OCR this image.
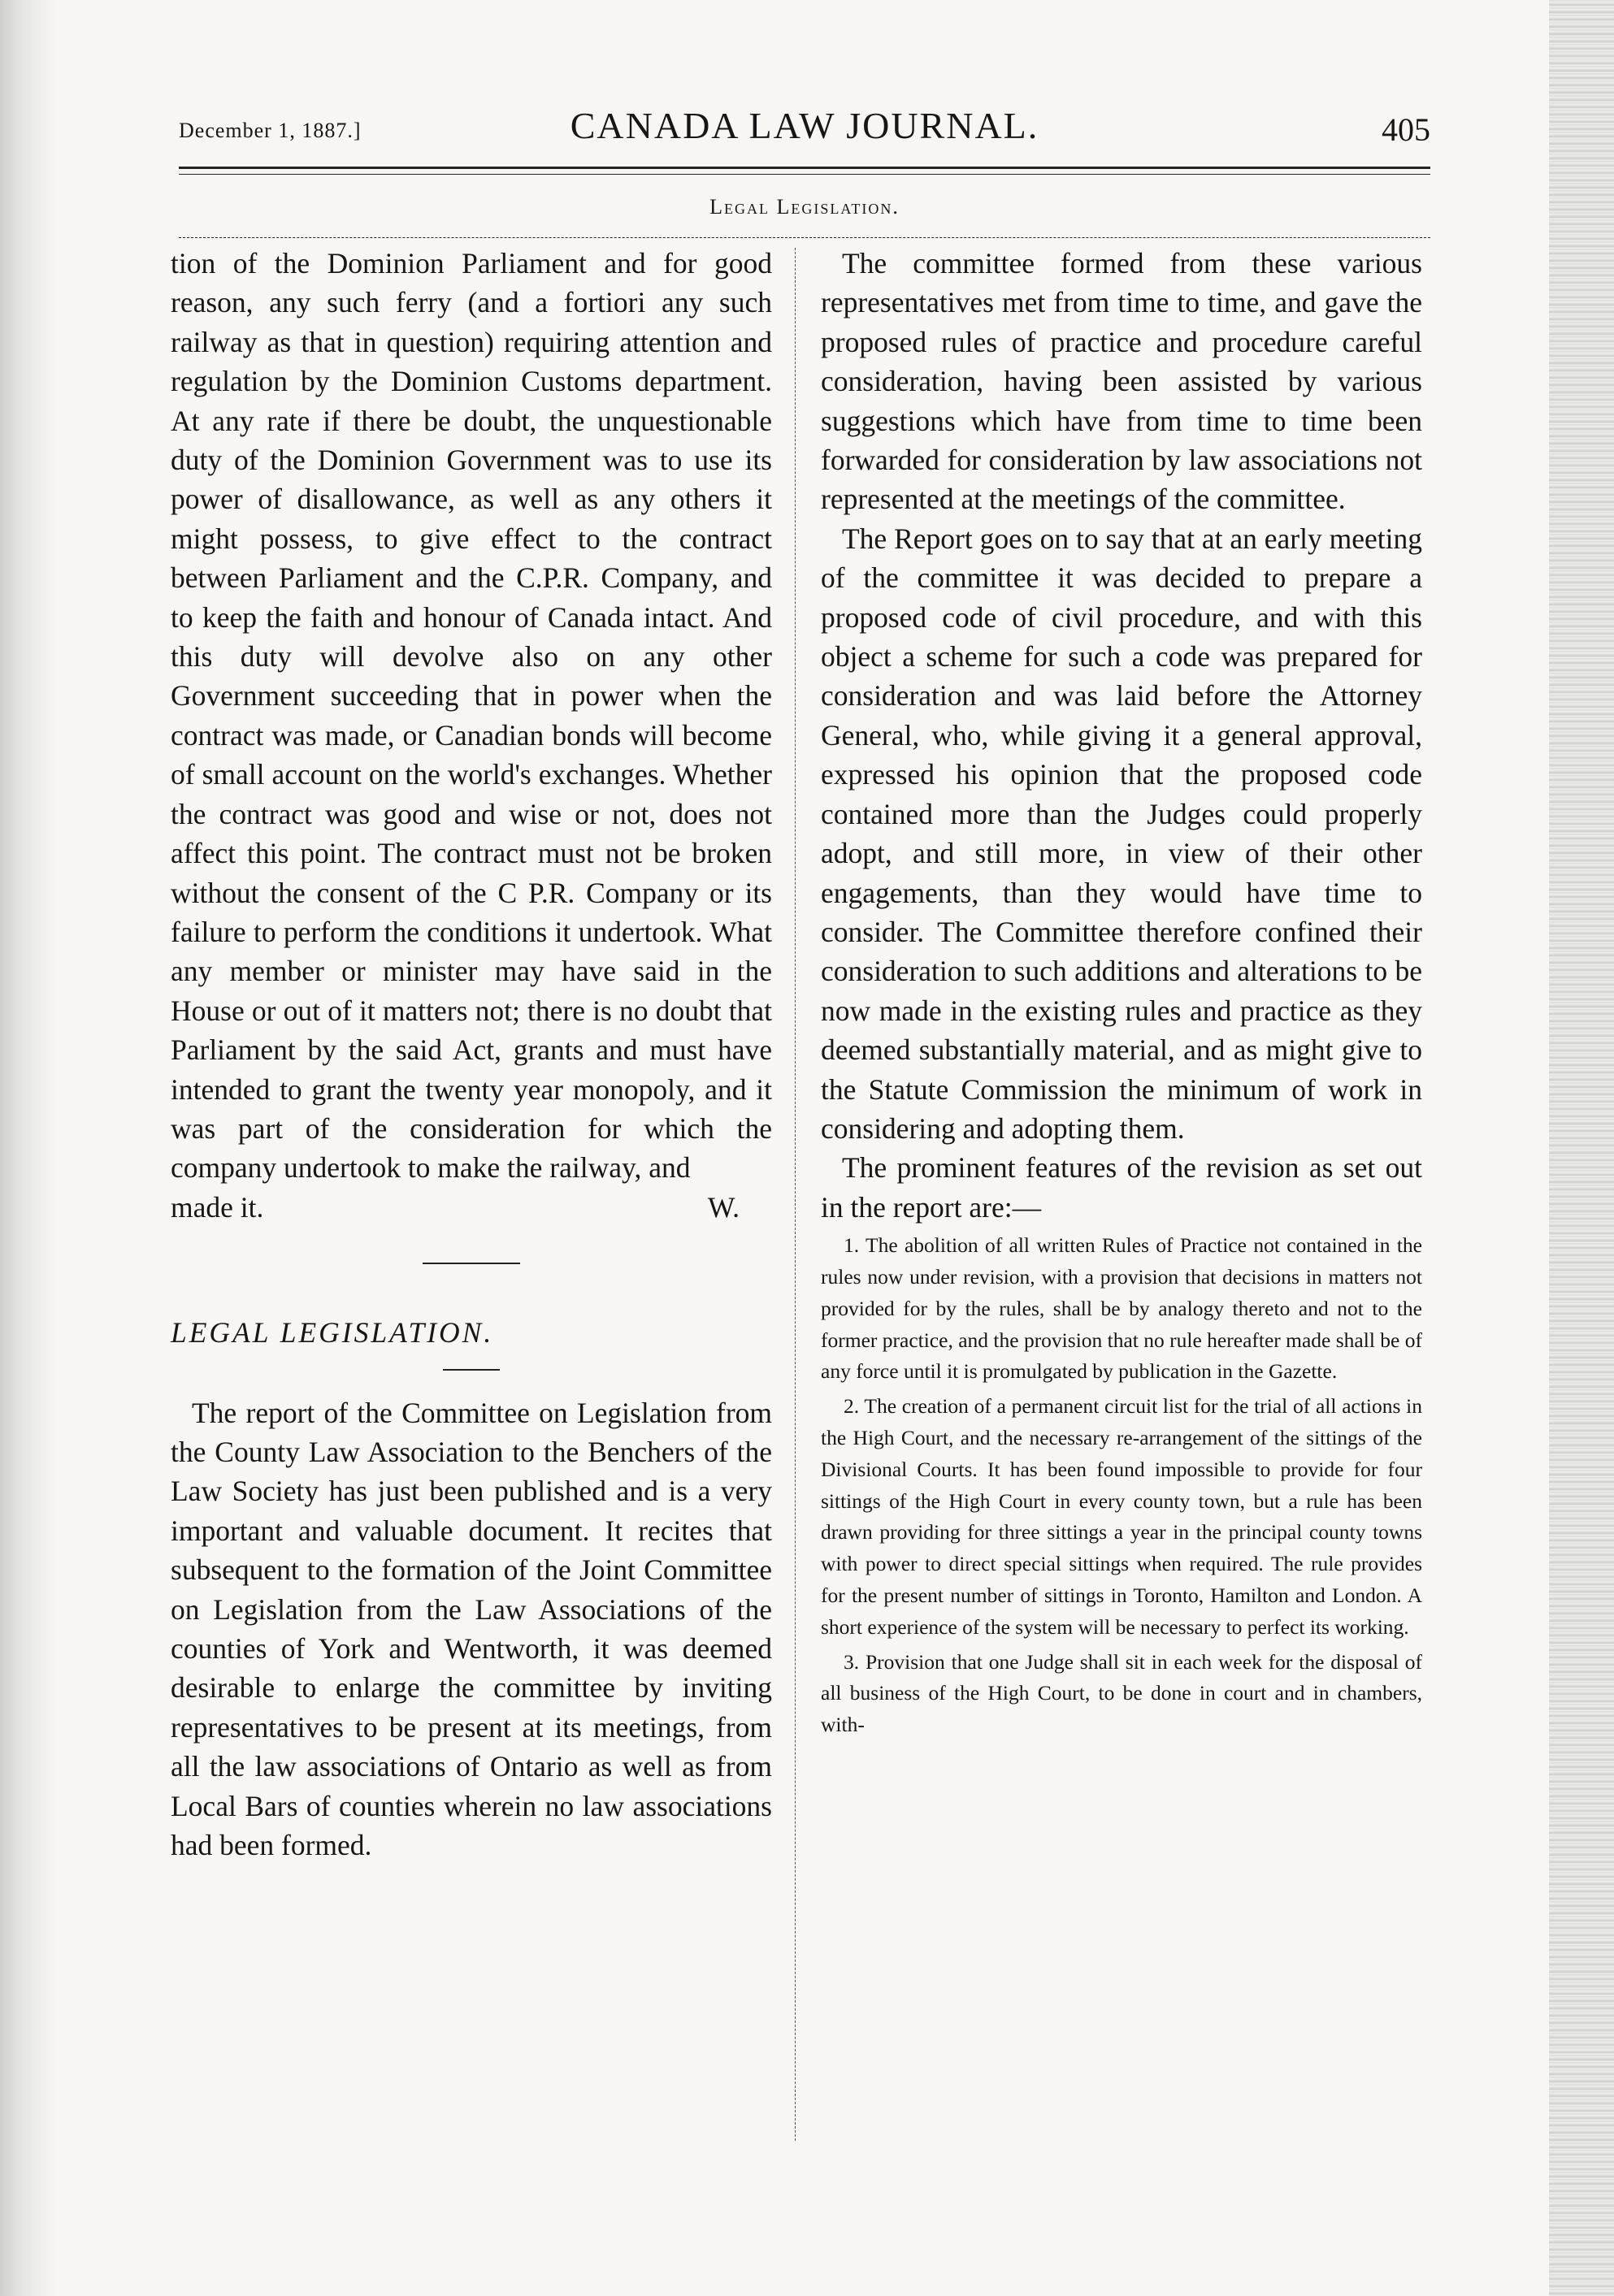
December 1, 1887.]	CANADA LAW JOURNAL.	405
Legal Legislation.

tion of the Dominion Parliament and for good reason, any such ferry (and a fortiori any such railway as that in question) requiring attention and regulation by the Dominion Customs department. At any rate if there be doubt, the unquestionable duty of the Dominion Government was to use its power of disallowance, as well as any others it might possess, to give effect to the contract between Parliament and the C.P.R. Company, and to keep the faith and honour of Canada intact. And this duty will devolve also on any other Government succeeding that in power when the contract was made, or Canadian bonds will become of small account on the world's exchanges. Whether the contract was good and wise or not, does not affect this point. The contract must not be broken without the consent of the C P.R. Company or its failure to perform the conditions it undertook. What any member or minister may have said in the House or out of it matters not; there is no doubt that Parliament by the said Act, grants and must have intended to grant the twenty year monopoly, and it was part of the consideration for which the company undertook to make the railway, and

made it.	W.

LEGAL LEGISLATION.

The report of the Committee on Legislation from the County Law Association to the Benchers of the Law Society has just been published and is a very important and valuable document. It recites that subsequent to the formation of the Joint Committee on Legislation from the Law Associations of the counties of York and Wentworth, it was deemed desirable to enlarge the committee by inviting representatives to be present at its meetings, from all the law associations of Ontario as well as from Local Bars of counties wherein no law associations had been formed.

The committee formed from these various representatives met from time to time, and gave the proposed rules of practice and procedure careful consideration, having been assisted by various suggestions which have from time to time been forwarded for consideration by law associations not represented at the meetings of the committee.

The Report goes on to say that at an early meeting of the committee it was decided to prepare a proposed code of civil procedure, and with this object a scheme for such a code was prepared for consideration and was laid before the Attorney General, who, while giving it a general approval, expressed his opinion that the proposed code contained more than the Judges could properly adopt, and still more, in view of their other engagements, than they would have time to consider. The Committee therefore confined their consideration to such additions and alterations to be now made in the existing rules and practice as they deemed substantially material, and as might give to the Statute Commission the minimum of work in considering and adopting them.

The prominent features of the revision as set out in the report are:—

1. The abolition of all written Rules of Practice not contained in the rules now under revision, with a provision that decisions in matters not provided for by the rules, shall be by analogy thereto and not to the former practice, and the provision that no rule hereafter made shall be of any force until it is promulgated by publication in the Gazette.

2. The creation of a permanent circuit list for the trial of all actions in the High Court, and the necessary re-arrangement of the sittings of the Divisional Courts. It has been found impossible to provide for four sittings of the High Court in every county town, but a rule has been drawn providing for three sittings a year in the principal county towns with power to direct special sittings when required. The rule provides for the present number of sittings in Toronto, Hamilton and London. A short experience of the system will be necessary to perfect its working.

3. Provision that one Judge shall sit in each week for the disposal of all business of the High Court, to be done in court and in chambers, with-
